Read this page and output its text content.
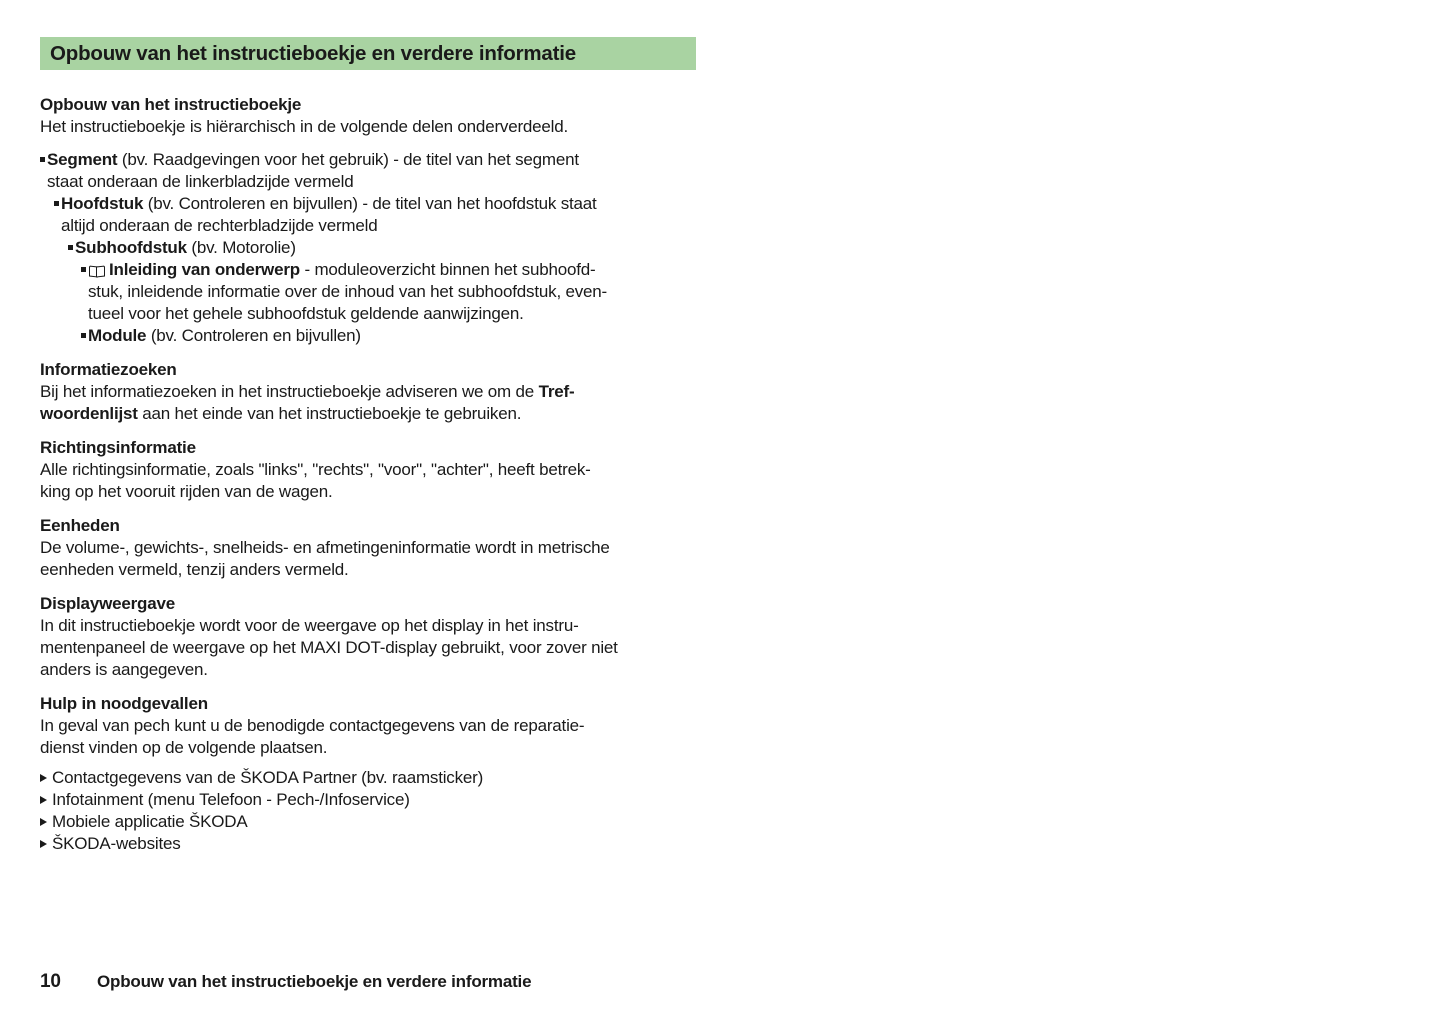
Opbouw van het instructieboekje en verdere informatie
Opbouw van het instructieboekje
Het instructieboekje is hiërarchisch in de volgende delen onderverdeeld.
Segment (bv. Raadgevingen voor het gebruik) - de titel van het segment
staat onderaan de linkerbladzijde vermeld
Hoofdstuk (bv. Controleren en bijvullen) - de titel van het hoofdstuk staat
altijd onderaan de rechterbladzijde vermeld
Subhoofdstuk (bv. Motorolie)
Inleiding van onderwerp - moduleoverzicht binnen het subhoofd-
stuk, inleidende informatie over de inhoud van het subhoofdstuk, even-
tueel voor het gehele subhoofdstuk geldende aanwijzingen.
Module (bv. Controleren en bijvullen)
Informatiezoeken
Bij het informatiezoeken in het instructieboekje adviseren we om de Tref-
woordenlijst aan het einde van het instructieboekje te gebruiken.
Richtingsinformatie
Alle richtingsinformatie, zoals "links", "rechts", "voor", "achter", heeft betrek-
king op het vooruit rijden van de wagen.
Eenheden
De volume-, gewichts-, snelheids- en afmetingeninformatie wordt in metrische
eenheden vermeld, tenzij anders vermeld.
Displayweergave
In dit instructieboekje wordt voor de weergave op het display in het instru-
mentenpaneel de weergave op het MAXI DOT-display gebruikt, voor zover niet
anders is aangegeven.
Hulp in noodgevallen
In geval van pech kunt u de benodigde contactgegevens van de reparatie-
dienst vinden op de volgende plaatsen.
Contactgegevens van de ŠKODA Partner (bv. raamsticker)
Infotainment (menu Telefoon - Pech-/Infoservice)
Mobiele applicatie ŠKODA
ŠKODA-websites
10 Opbouw van het instructieboekje en verdere informatie
